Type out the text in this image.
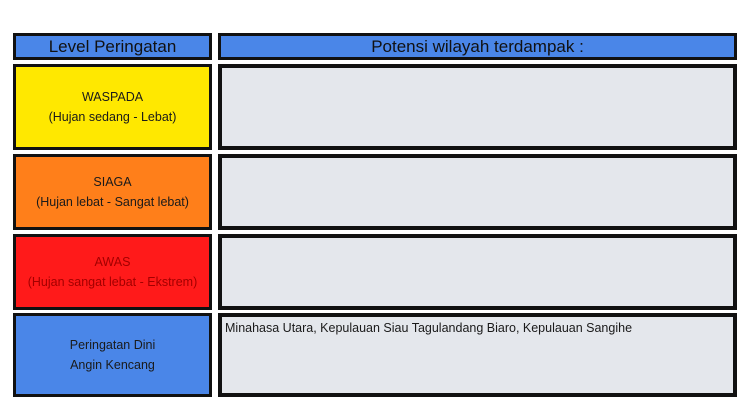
Level Peringatan	Potensi wilayah terdampak :
WASPADA
(Hujan sedang - Lebat)
SIAGA
(Hujan lebat - Sangat lebat)
AWAS
(Hujan sangat lebat - Ekstrem)
Peringatan Dini
Angin Kencang
Minahasa Utara, Kepulauan Siau Tagulandang Biaro, Kepulauan Sangihe
